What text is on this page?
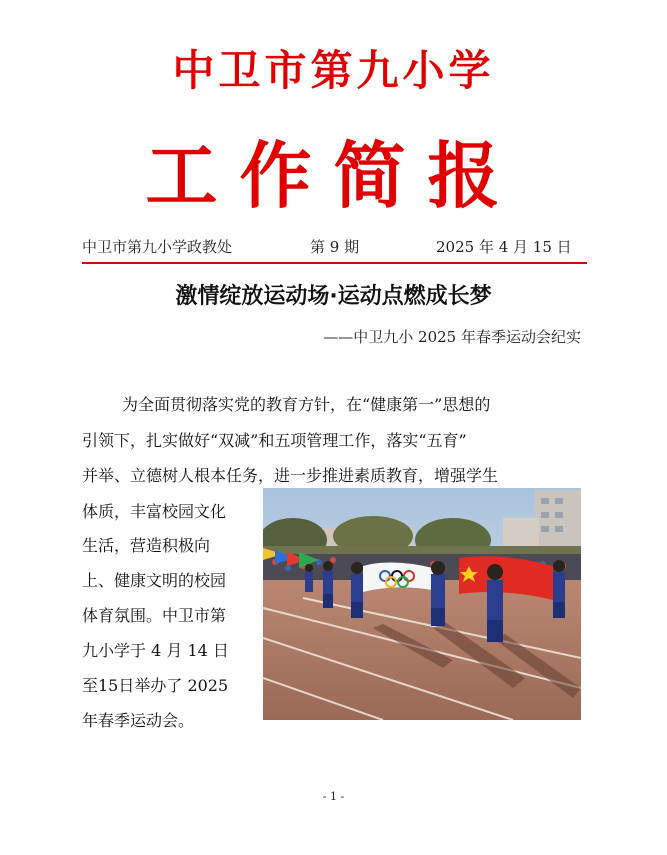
中卫市第九小学
工作简报
中卫市第九小学政教处	第 9 期	2025 年 4 月 15 日
激情绽放运动场·运动点燃成长梦
——中卫九小 2025 年春季运动会纪实
为全面贯彻落实党的教育方针，在“健康第一”思想的
引领下，扎实做好“双减”和五项管理工作，落实“五育”
并举、立德树人根本任务，进一步推进素质教育，增强学生
体质，丰富校园文化
生活，营造积极向
上、健康文明的校园
体育氛围。中卫市第
九小学于 4 月 14 日
至15日举办了 2025
年春季运动会。
- 1 -
